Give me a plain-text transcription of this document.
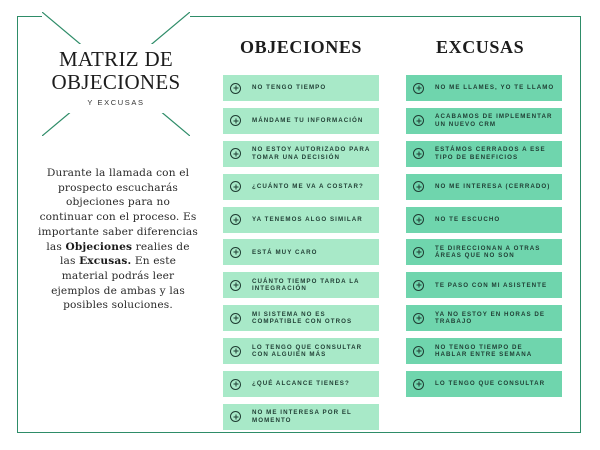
MATRIZ DE
OBJECIONES
Y EXCUSAS

Durante la llamada con el prospecto escucharás objeciones para no continuar con el proceso. Es importante saber diferencias las Objeciones realies de las Excusas. En este material podrás leer ejemplos de ambas y las posibles soluciones.

OBJECIONES	EXCUSAS
NO TENGO TIEMPO
MÁNDAME TU INFORMACIÓN
NO ESTOY AUTORIZADO PARA TOMAR UNA DECISIÓN
¿CUÁNTO ME VA A COSTAR?
YA TENEMOS ALGO SIMILAR
ESTÁ MUY CARO
CUÁNTO TIEMPO TARDA LA INTEGRACIÓN
MI SISTEMA NO ES COMPATIBLE CON OTROS
LO TENGO QUE CONSULTAR CON ALGUIEN MÁS
¿QUÉ ALCANCE TIENES?
NO ME INTERESA POR EL MOMENTO
NO ME LLAMES, YO TE LLAMO
ACABAMOS DE IMPLEMENTAR UN NUEVO CRM
ESTÁMOS CERRADOS A ESE TIPO DE BENEFICIOS
NO ME INTERESA (CERRADO)
NO TE ESCUCHO
TE DIRECCIONAN A OTRAS ÁREAS QUE NO SON
TE PASO CON MI ASISTENTE
YA NO ESTOY EN HORAS DE TRABAJO
NO TENGO TIEMPO DE HABLAR ENTRE SEMANA
LO TENGO QUE CONSULTAR
